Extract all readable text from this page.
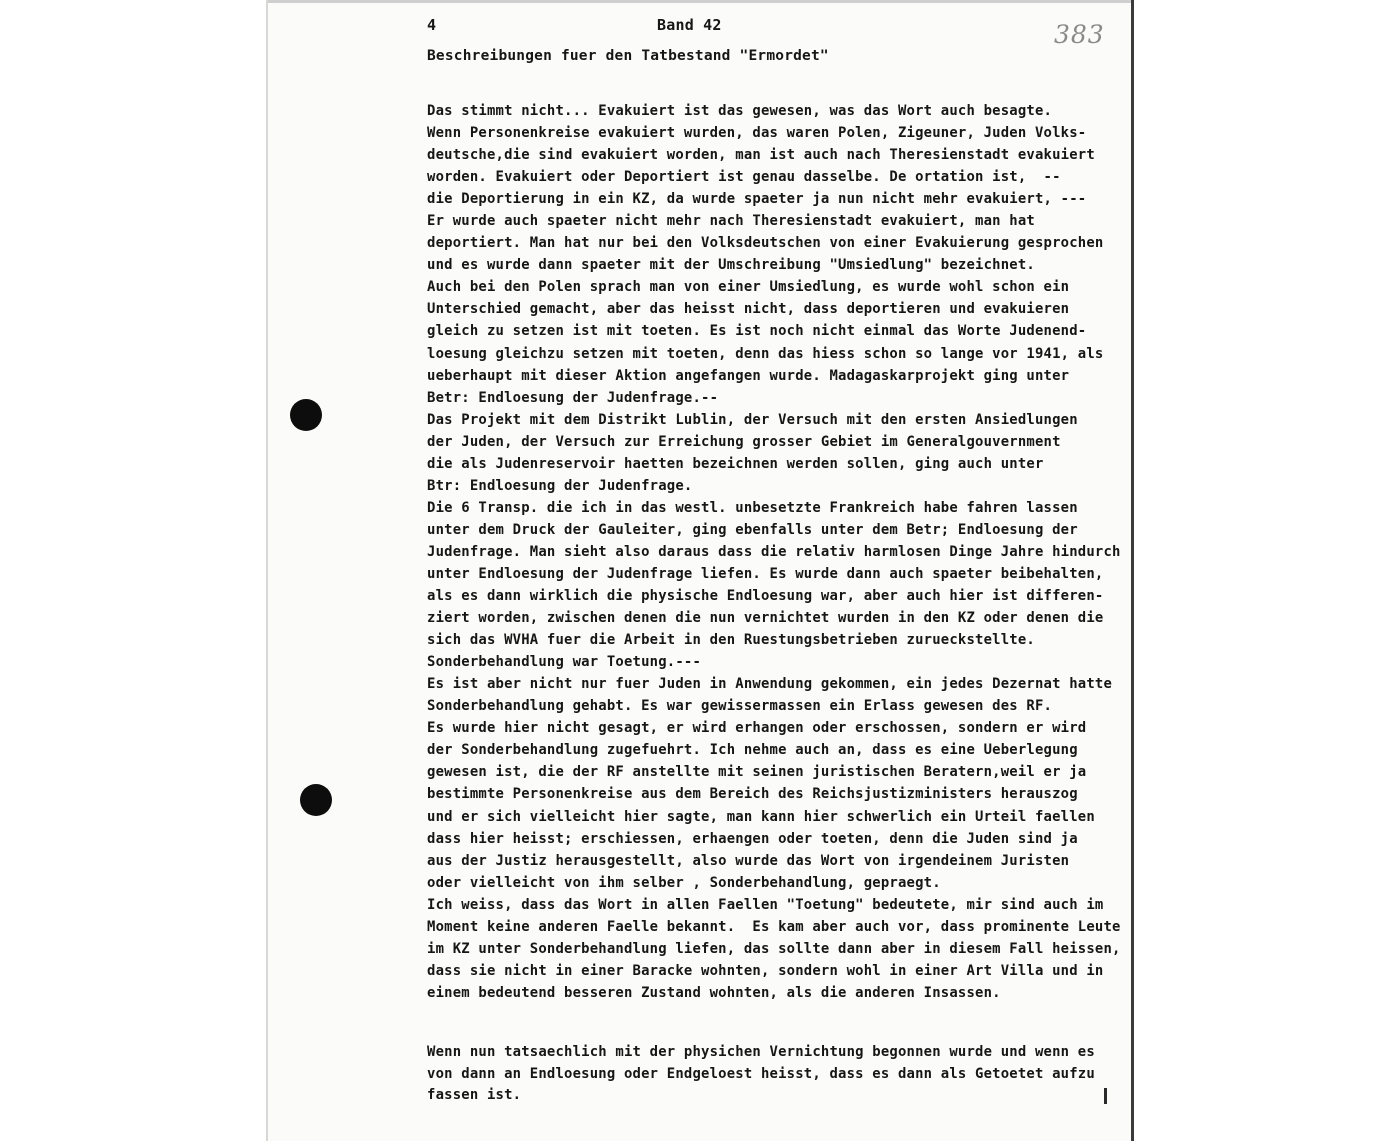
4	Band 42	383
Beschreibungen fuer den Tatbestand "Ermordet"
Das stimmt nicht... Evakuiert ist das gewesen, was das Wort auch besagte.
Wenn Personenkreise evakuiert wurden, das waren Polen, Zigeuner, Juden Volks-
deutsche,die sind evakuiert worden, man ist auch nach Theresienstadt evakuiert
worden. Evakuiert oder Deportiert ist genau dasselbe. De ortation ist,  --
die Deportierung in ein KZ, da wurde spaeter ja nun nicht mehr evakuiert, ---
Er wurde auch spaeter nicht mehr nach Theresienstadt evakuiert, man hat
deportiert. Man hat nur bei den Volksdeutschen von einer Evakuierung gesprochen
und es wurde dann spaeter mit der Umschreibung "Umsiedlung" bezeichnet.
Auch bei den Polen sprach man von einer Umsiedlung, es wurde wohl schon ein
Unterschied gemacht, aber das heisst nicht, dass deportieren und evakuieren
gleich zu setzen ist mit toeten. Es ist noch nicht einmal das Worte Judenend-
loesung gleichzu setzen mit toeten, denn das hiess schon so lange vor 1941, als
ueberhaupt mit dieser Aktion angefangen wurde. Madagaskarprojekt ging unter
Betr: Endloesung der Judenfrage.--
Das Projekt mit dem Distrikt Lublin, der Versuch mit den ersten Ansiedlungen
der Juden, der Versuch zur Erreichung grosser Gebiet im Generalgouvernment
die als Judenreservoir haetten bezeichnen werden sollen, ging auch unter
Btr: Endloesung der Judenfrage.
Die 6 Transp. die ich in das westl. unbesetzte Frankreich habe fahren lassen
unter dem Druck der Gauleiter, ging ebenfalls unter dem Betr; Endloesung der
Judenfrage. Man sieht also daraus dass die relativ harmlosen Dinge Jahre hindurch
unter Endloesung der Judenfrage liefen. Es wurde dann auch spaeter beibehalten,
als es dann wirklich die physische Endloesung war, aber auch hier ist differen-
ziert worden, zwischen denen die nun vernichtet wurden in den KZ oder denen die
sich das WVHA fuer die Arbeit in den Ruestungsbetrieben zurueckstellte.
Sonderbehandlung war Toetung.---
Es ist aber nicht nur fuer Juden in Anwendung gekommen, ein jedes Dezernat hatte
Sonderbehandlung gehabt. Es war gewissermassen ein Erlass gewesen des RF.
Es wurde hier nicht gesagt, er wird erhangen oder erschossen, sondern er wird
der Sonderbehandlung zugefuehrt. Ich nehme auch an, dass es eine Ueberlegung
gewesen ist, die der RF anstellte mit seinen juristischen Beratern,weil er ja
bestimmte Personenkreise aus dem Bereich des Reichsjustizministers herauszog
und er sich vielleicht hier sagte, man kann hier schwerlich ein Urteil faellen
dass hier heisst; erschiessen, erhaengen oder toeten, denn die Juden sind ja
aus der Justiz herausgestellt, also wurde das Wort von irgendeinem Juristen
oder vielleicht von ihm selber , Sonderbehandlung, gepraegt.
Ich weiss, dass das Wort in allen Faellen "Toetung" bedeutete, mir sind auch im
Moment keine anderen Faelle bekannt.  Es kam aber auch vor, dass prominente Leute
im KZ unter Sonderbehandlung liefen, das sollte dann aber in diesem Fall heissen,
dass sie nicht in einer Baracke wohnten, sondern wohl in einer Art Villa und in
einem bedeutend besseren Zustand wohnten, als die anderen Insassen.
Wenn nun tatsaechlich mit der physichen Vernichtung begonnen wurde und wenn es
von dann an Endloesung oder Endgeloest heisst, dass es dann als Getoetet aufzu
fassen ist.
